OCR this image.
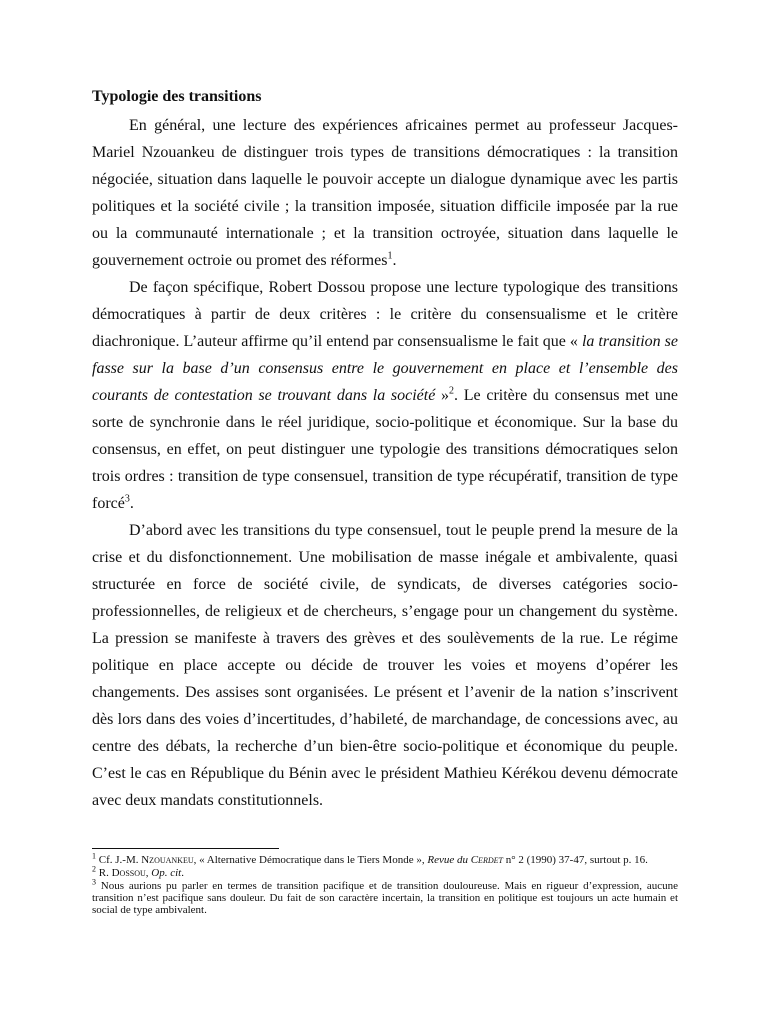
Typologie des transitions

En général, une lecture des expériences africaines permet au professeur Jacques-Mariel Nzouankeu de distinguer trois types de transitions démocratiques : la transition négociée, situation dans laquelle le pouvoir accepte un dialogue dynamique avec les partis politiques et la société civile ; la transition imposée, situation difficile imposée par la rue ou la communauté internationale ; et la transition octroyée, situation dans laquelle le gouvernement octroie ou promet des réformes$^1$.

De façon spécifique, Robert Dossou propose une lecture typologique des transitions démocratiques à partir de deux critères : le critère du consensualisme et le critère diachronique. L’auteur affirme qu’il entend par consensualisme le fait que « la transition se fasse sur la base d’un consensus entre le gouvernement en place et l’ensemble des courants de contestation se trouvant dans la société »$^2$. Le critère du consensus met une sorte de synchronie dans le réel juridique, socio-politique et économique. Sur la base du consensus, en effet, on peut distinguer une typologie des transitions démocratiques selon trois ordres : transition de type consensuel, transition de type récupératif, transition de type forcé$^3$.

D’abord avec les transitions du type consensuel, tout le peuple prend la mesure de la crise et du disfonctionnement. Une mobilisation de masse inégale et ambivalente, quasi structurée en force de société civile, de syndicats, de diverses catégories socio-professionnelles, de religieux et de chercheurs, s’engage pour un changement du système. La pression se manifeste à travers des grèves et des soulèvements de la rue. Le régime politique en place accepte ou décide de trouver les voies et moyens d’opérer les changements. Des assises sont organisées. Le présent et l’avenir de la nation s’inscrivent dès lors dans des voies d’incertitudes, d’habileté, de marchandage, de concessions avec, au centre des débats, la recherche d’un bien-être socio-politique et économique du peuple. C’est le cas en République du Bénin avec le président Mathieu Kérékou devenu démocrate avec deux mandats constitutionnels.

$^1$ Cf. J.-M. Nzouankeu, « Alternative Démocratique dans le Tiers Monde », Revue du Cerdet n° 2 (1990) 37-47, surtout p. 16.
$^2$ R. Dossou, Op. cit.
$^3$ Nous aurions pu parler en termes de transition pacifique et de transition douloureuse. Mais en rigueur d’expression, aucune transition n’est pacifique sans douleur. Du fait de son caractère incertain, la transition en politique est toujours un acte humain et social de type ambivalent.
